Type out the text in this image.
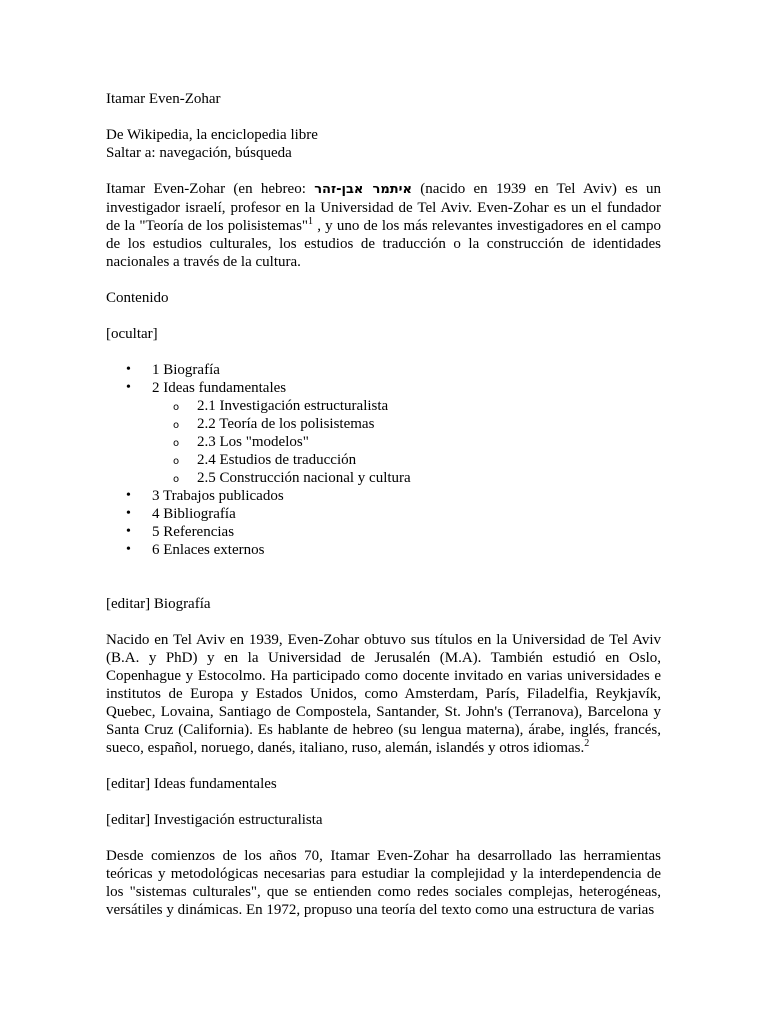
Itamar Even-Zohar

De Wikipedia, la enciclopedia libre

Saltar a: navegación, búsqueda

Itamar Even-Zohar (en hebreo: איתמר אבן-זהר (nacido en 1939 en Tel Aviv) es un investigador israelí, profesor en la Universidad de Tel Aviv. Even-Zohar es un el fundador de la "Teoría de los polisistemas"$^1$ , y uno de los más relevantes investigadores en el campo de los estudios culturales, los estudios de traducción o la construcción de identidades nacionales a través de la cultura.

Contenido

[ocultar]

• 1 Biografía
• 2 Ideas fundamentales
o 2.1 Investigación estructuralista
o 2.2 Teoría de los polisistemas
o 2.3 Los "modelos"
o 2.4 Estudios de traducción
o 2.5 Construcción nacional y cultura
• 3 Trabajos publicados
• 4 Bibliografía
• 5 Referencias
• 6 Enlaces externos

[editar] Biografía

Nacido en Tel Aviv en 1939, Even-Zohar obtuvo sus títulos en la Universidad de Tel Aviv (B.A. y PhD) y en la Universidad de Jerusalén (M.A). También estudió en Oslo, Copenhague y Estocolmo. Ha participado como docente invitado en varias universidades e institutos de Europa y Estados Unidos, como Amsterdam, París, Filadelfia, Reykjavík, Quebec, Lovaina, Santiago de Compostela, Santander, St. John's (Terranova), Barcelona y Santa Cruz (California). Es hablante de hebreo (su lengua materna), árabe, inglés, francés, sueco, español, noruego, danés, italiano, ruso, alemán, islandés y otros idiomas.$^2$

[editar] Ideas fundamentales

[editar] Investigación estructuralista

Desde comienzos de los años 70, Itamar Even-Zohar ha desarrollado las herramientas teóricas y metodológicas necesarias para estudiar la complejidad y la interdependencia de los "sistemas culturales", que se entienden como redes sociales complejas, heterogéneas, versátiles y dinámicas. En 1972, propuso una teoría del texto como una estructura de varias
